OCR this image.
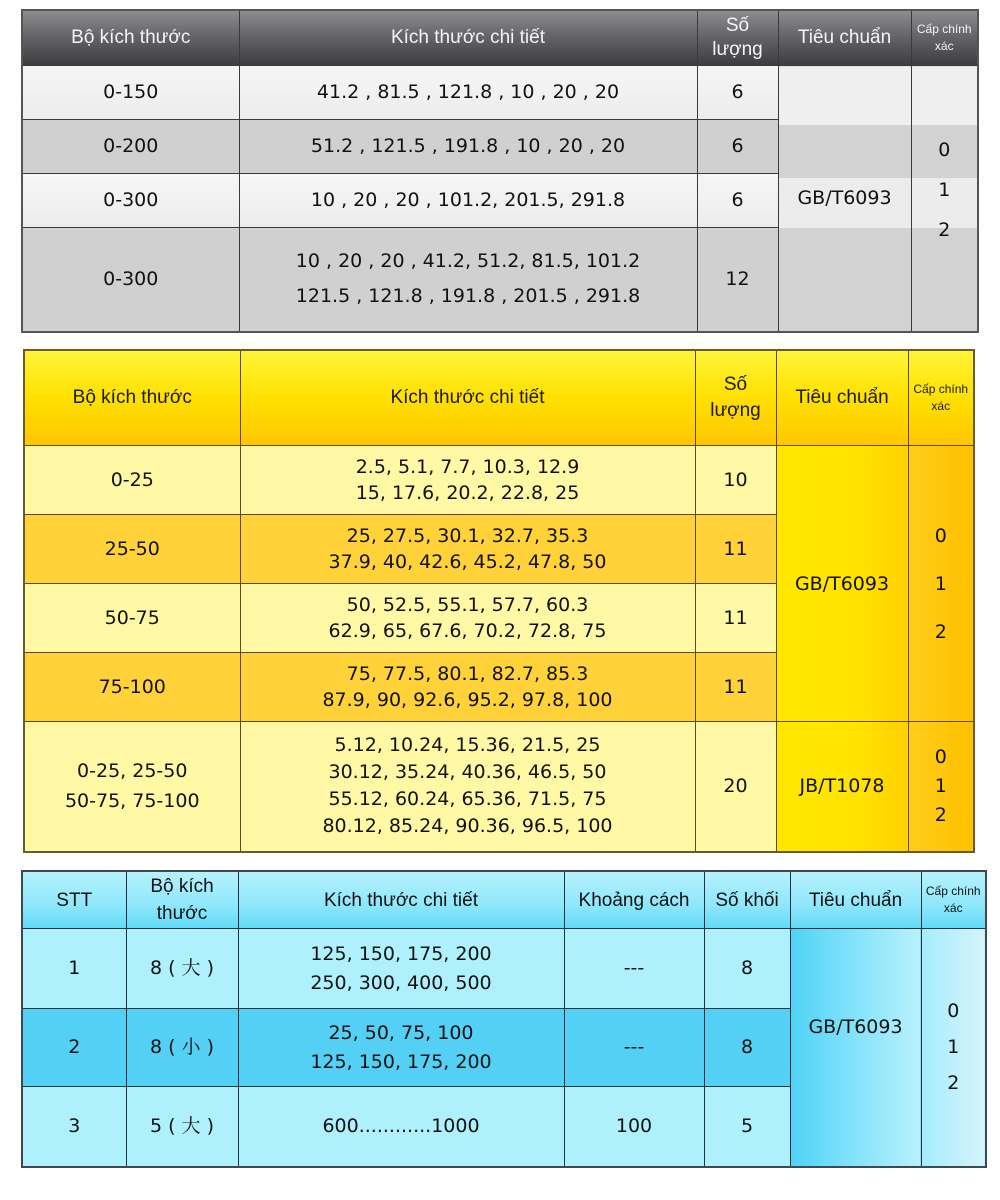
Bộ kích thước	Kích thước chi tiết	Số
lượng	Tiêu chuẩn	Cấp chính
xác

0-150	41.2 , 81.5 , 121.8 , 10 , 20 , 20	6	GB/T6093	0
1
2

0-200	51.2 , 121.5 , 191.8 , 10 , 20 , 20	6		
0-300	10 , 20 , 20 , 101.2, 201.5, 291.8	6		
0-300	10 , 20 , 20 , 41.2, 51.2, 81.5, 101.2
121.5 , 121.8 , 191.8 , 201.5 , 291.8	12		
Bộ kích thước	Kích thước chi tiết	Số
lượng	Tiêu chuẩn	Cấp chính
xác

0-25	2.5, 5.1, 7.7, 10.3, 12.9
15, 17.6, 20.2, 22.8, 25	10	GB/T6093	0
1
2

25-50	25, 27.5, 30.1, 32.7, 35.3
37.9, 40, 42.6, 45.2, 47.8, 50	11		

50-75	50, 52.5, 55.1, 57.7, 60.3
62.9, 65, 67.6, 70.2, 72.8, 75	11		

75-100	75, 77.5, 80.1, 82.7, 85.3
87.9, 90, 92.6, 95.2, 97.8, 100	11		

0-25, 25-50
50-75, 75-100	5.12, 10.24, 15.36, 21.5, 25
30.12, 35.24, 40.36, 46.5, 50
55.12, 60.24, 65.36, 71.5, 75
80.12, 85.24, 90.36, 96.5, 100	20	JB/T1078	0
1
2
STT	Bộ kích
thước	Kích thước chi tiết	Khoảng cách	Số khối	Tiêu chuẩn	Cấp chính
xác

1	8 ( 大 )	125, 150, 175, 200
250, 300, 400, 500	---	8	GB/T6093	0
1
2

2	8 ( 小 )	25, 50, 75, 100
125, 150, 175, 200	---	8		
3	5 ( 大 )	600............1000	100	5		
